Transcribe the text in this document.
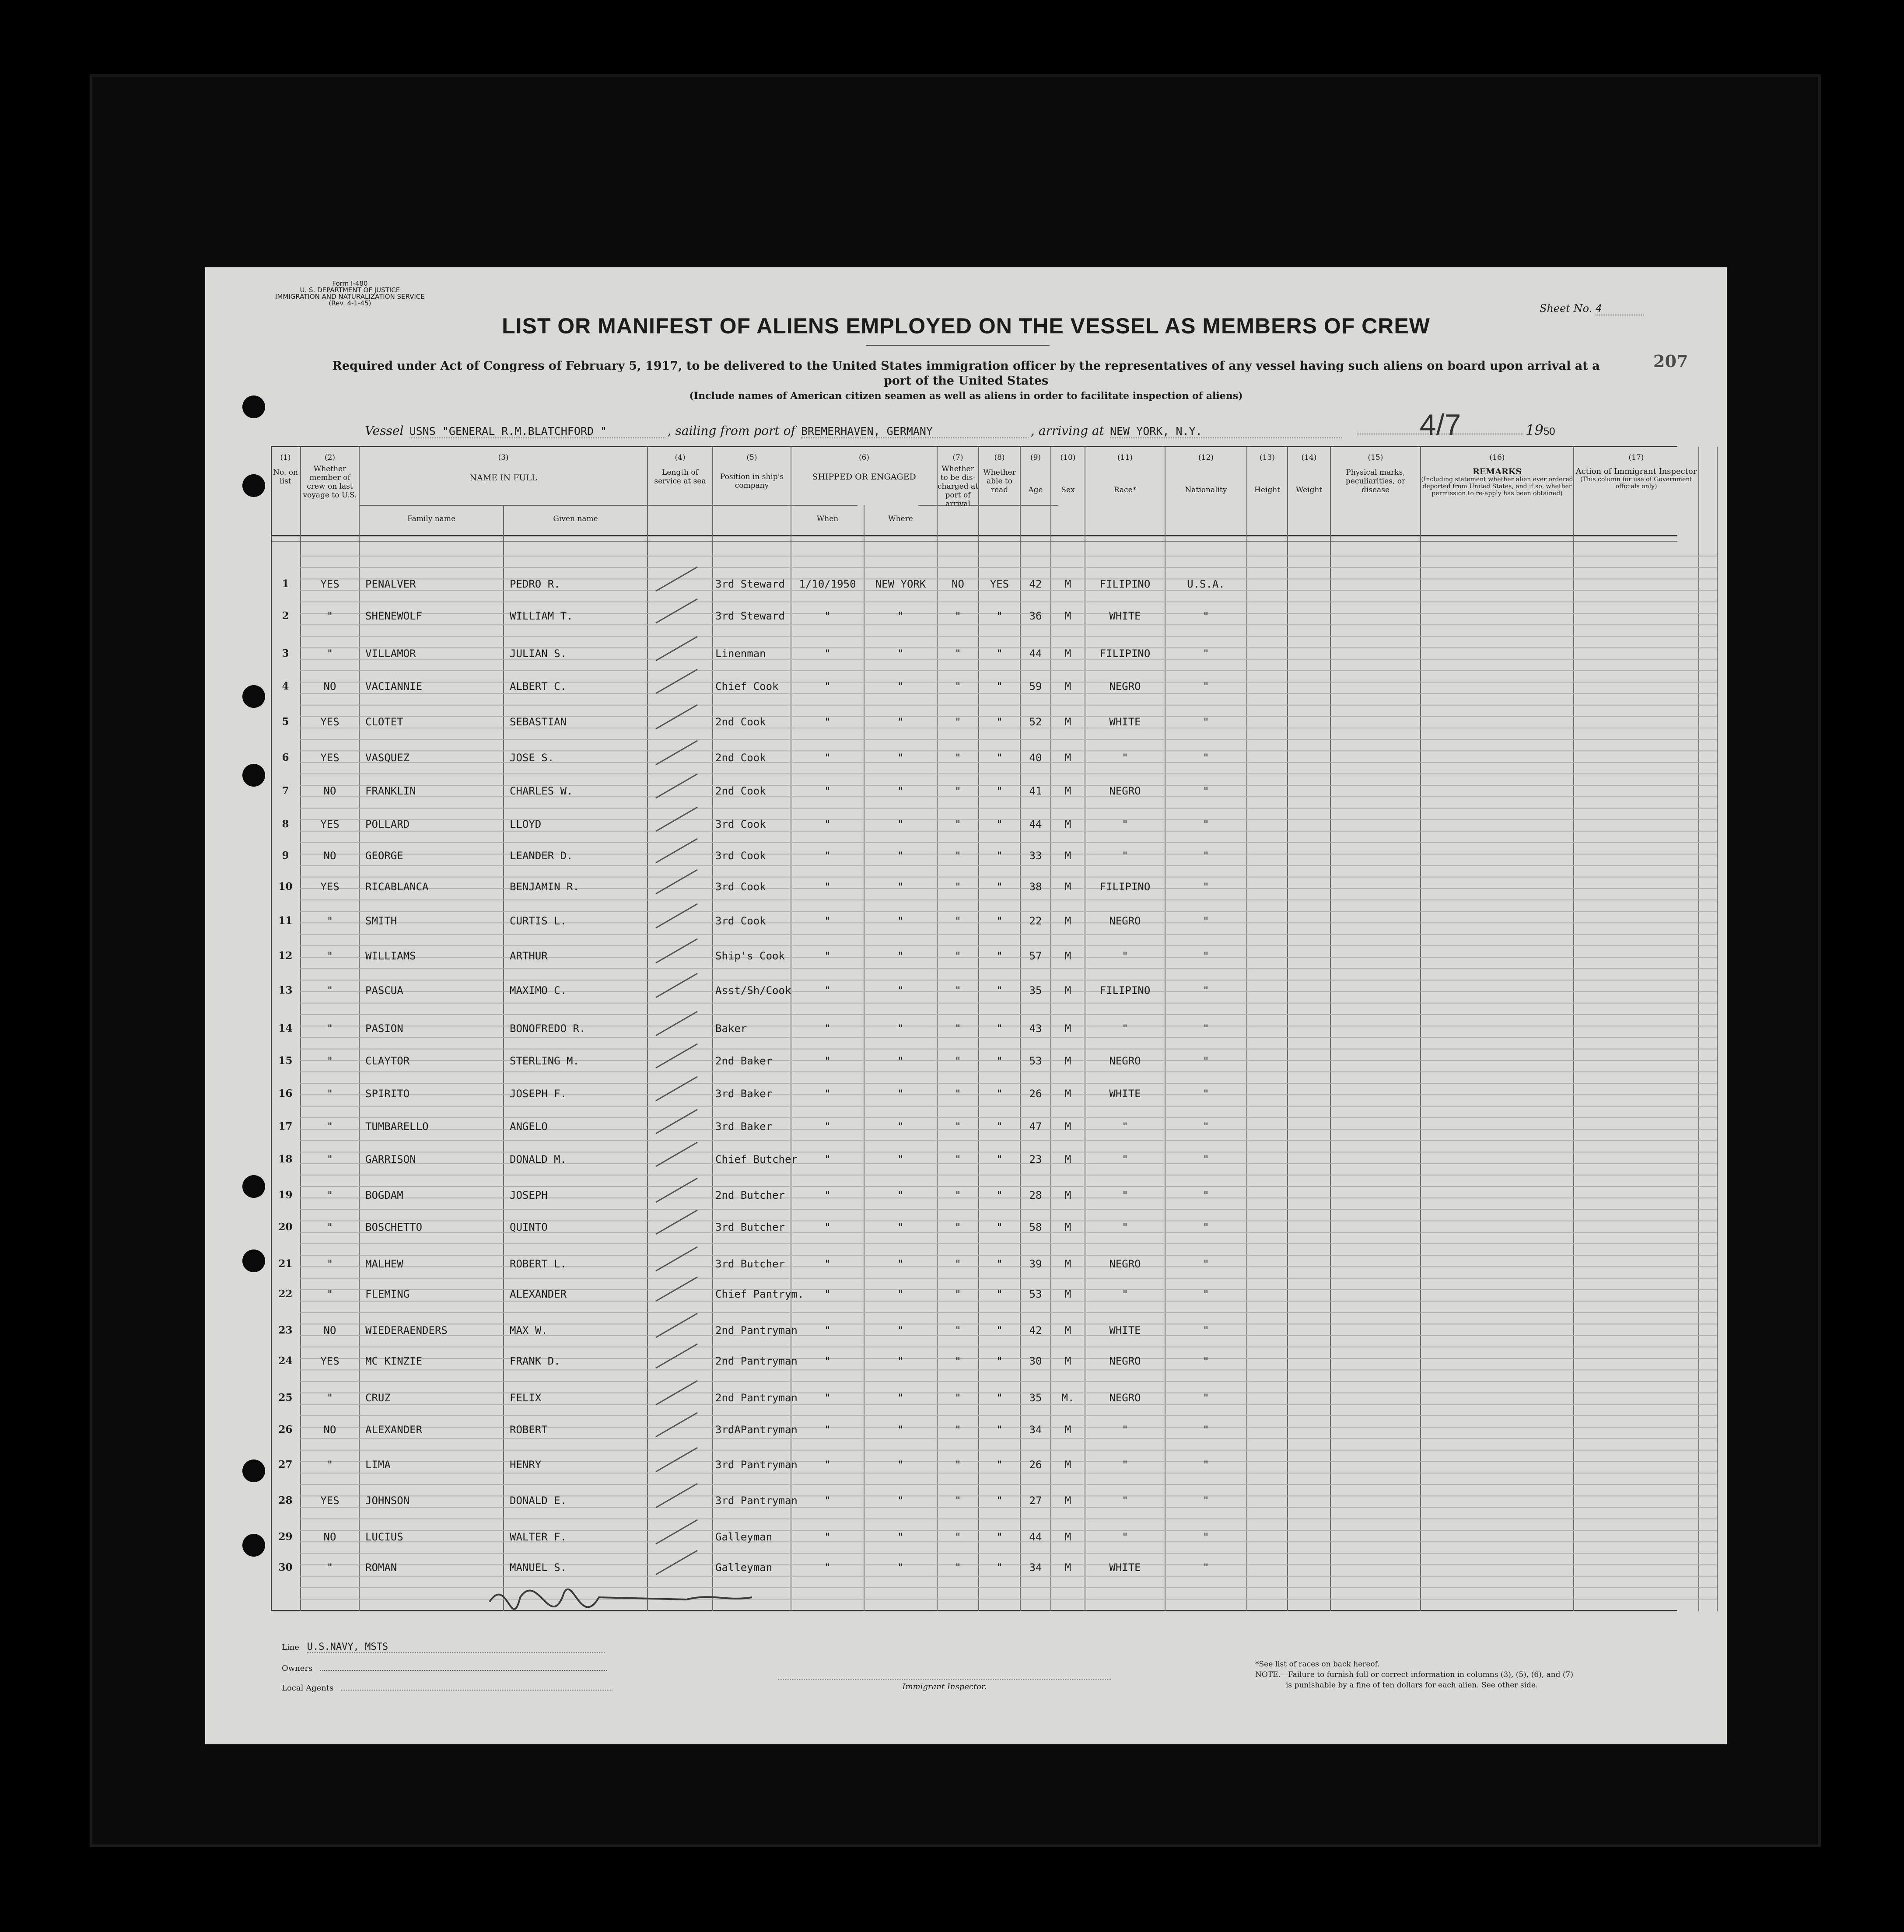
Form I-480
U. S. DEPARTMENT OF JUSTICE
IMMIGRATION AND NATURALIZATION SERVICE
(Rev. 4-1-45)	Sheet No. 4
207
LIST OR MANIFEST OF ALIENS EMPLOYED ON THE VESSEL AS MEMBERS OF CREW
Required under Act of Congress of February 5, 1917, to be delivered to the United States immigration officer by the representatives of any vessel having such aliens on board upon arrival at a
port of the United States
(Include names of American citizen seamen as well as aliens in order to facilitate inspection of aliens)
Vessel USNS "GENERAL R.M.BLATCHFORD "	, sailing from port of BREMERHAVEN, GERMANY	, arriving at NEW YORK, N.Y.	4/7	1950
(1)
No. on list
(2)
Whether member of crew on last voyage to U.S.
(3)
NAME IN FULL
Family name	Given name
(4)
Length of service at sea
(5)
Position in ship's company
(6)
SHIPPED OR ENGAGED
When	Where
(7)
Whether to be dis-charged at port of arrival
(8)
Whether able to read
(9)
Age
(10)
Sex
(11)
Race*
(12)
Nationality
(13)
Height
(14)
Weight
(15)
Physical marks, peculiarities, or disease
(16)
REMARKS
(Including statement whether alien ever ordered deported from United States, and if so, whether permission to re-apply has been obtained)
(17)
Action of Immigrant Inspector
(This column for use of Government officials only)
1	YES	PENALVER	PEDRO R.	3rd Steward	1/10/1950	NEW YORK	NO	YES	42	M	FILIPINO	U.S.A.
2	"	SHENEWOLF	WILLIAM T.	3rd Steward	"	"	"	"	36	M	WHITE	"
3	"	VILLAMOR	JULIAN S.	Linenman	"	"	"	"	44	M	FILIPINO	"
4	NO	VACIANNIE	ALBERT C.	Chief Cook	"	"	"	"	59	M	NEGRO	"
5	YES	CLOTET	SEBASTIAN	2nd Cook	"	"	"	"	52	M	WHITE	"
6	YES	VASQUEZ	JOSE S.	2nd Cook	"	"	"	"	40	M	"	"
7	NO	FRANKLIN	CHARLES W.	2nd Cook	"	"	"	"	41	M	NEGRO	"
8	YES	POLLARD	LLOYD	3rd Cook	"	"	"	"	44	M	"	"
9	NO	GEORGE	LEANDER D.	3rd Cook	"	"	"	"	33	M	"	"
10	YES	RICABLANCA	BENJAMIN R.	3rd Cook	"	"	"	"	38	M	FILIPINO	"
11	"	SMITH	CURTIS L.	3rd Cook	"	"	"	"	22	M	NEGRO	"
12	"	WILLIAMS	ARTHUR	Ship's Cook	"	"	"	"	57	M	"	"
13	"	PASCUA	MAXIMO C.	Asst/Sh/Cook	"	"	"	"	35	M	FILIPINO	"
14	"	PASION	BONOFREDO R.	Baker	"	"	"	"	43	M	"	"
15	"	CLAYTOR	STERLING M.	2nd Baker	"	"	"	"	53	M	NEGRO	"
16	"	SPIRITO	JOSEPH F.	3rd Baker	"	"	"	"	26	M	WHITE	"
17	"	TUMBARELLO	ANGELO	3rd Baker	"	"	"	"	47	M	"	"
18	"	GARRISON	DONALD M.	Chief Butcher	"	"	"	"	23	M	"	"
19	"	BOGDAM	JOSEPH	2nd Butcher	"	"	"	"	28	M	"	"
20	"	BOSCHETTO	QUINTO	3rd Butcher	"	"	"	"	58	M	"	"
21	"	MALHEW	ROBERT L.	3rd Butcher	"	"	"	"	39	M	NEGRO	"
22	"	FLEMING	ALEXANDER	Chief Pantrym.	"	"	"	"	53	M	"	"
23	NO	WIEDERAENDERS	MAX W.	2nd Pantryman	"	"	"	"	42	M	WHITE	"
24	YES	MC KINZIE	FRANK D.	2nd Pantryman	"	"	"	"	30	M	NEGRO	"
25	"	CRUZ	FELIX	2nd Pantryman	"	"	"	"	35	M.	NEGRO	"
26	NO	ALEXANDER	ROBERT	3rdAPantryman	"	"	"	"	34	M	"	"
27	"	LIMA	HENRY	3rd Pantryman	"	"	"	"	26	M	"	"
28	YES	JOHNSON	DONALD E.	3rd Pantryman	"	"	"	"	27	M	"	"
29	NO	LUCIUS	WALTER F.	Galleyman	"	"	"	"	44	M	"	"
30	"	ROMAN	MANUEL S.	Galleyman	"	"	"	"	34	M	WHITE	"
Line U.S.NAVY, MSTS
Owners
Local Agents	Immigrant Inspector.
*See list of races on back hereof.
NOTE.—Failure to furnish full or correct information in columns (3), (5), (6), and (7)
is punishable by a fine of ten dollars for each alien. See other side.
